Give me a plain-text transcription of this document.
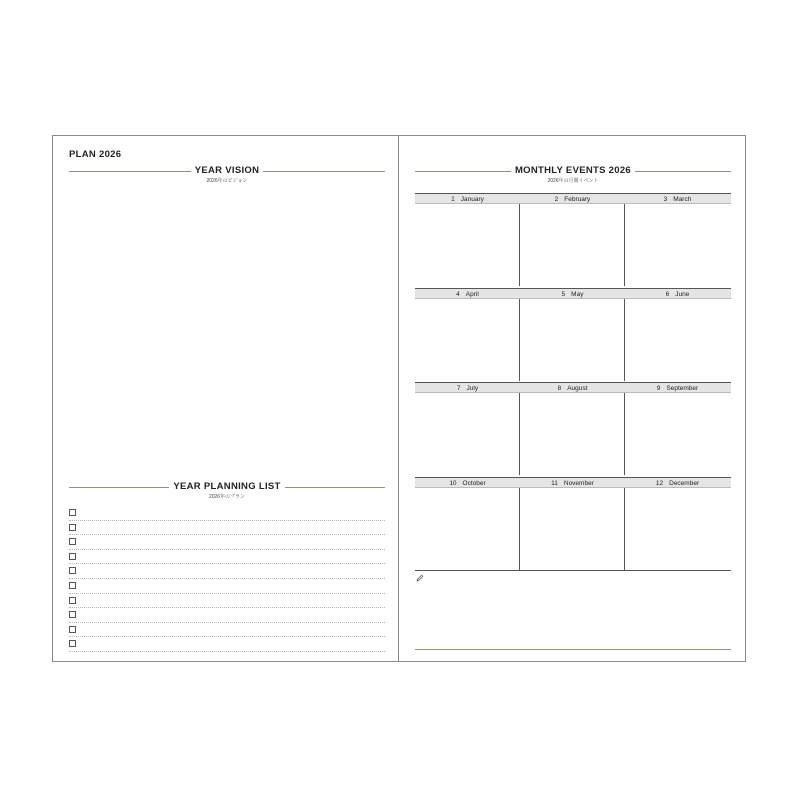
PLAN 2026
YEAR VISION
2026年のビジョン
YEAR PLANNING LIST
2026年のプラン
MONTHLY EVENTS 2026
2026年の月間イベント
1 January	2 February	3 March
4 April	5 May	6 June
7 July	8 August	9 September
10 October	11 November	12 December
